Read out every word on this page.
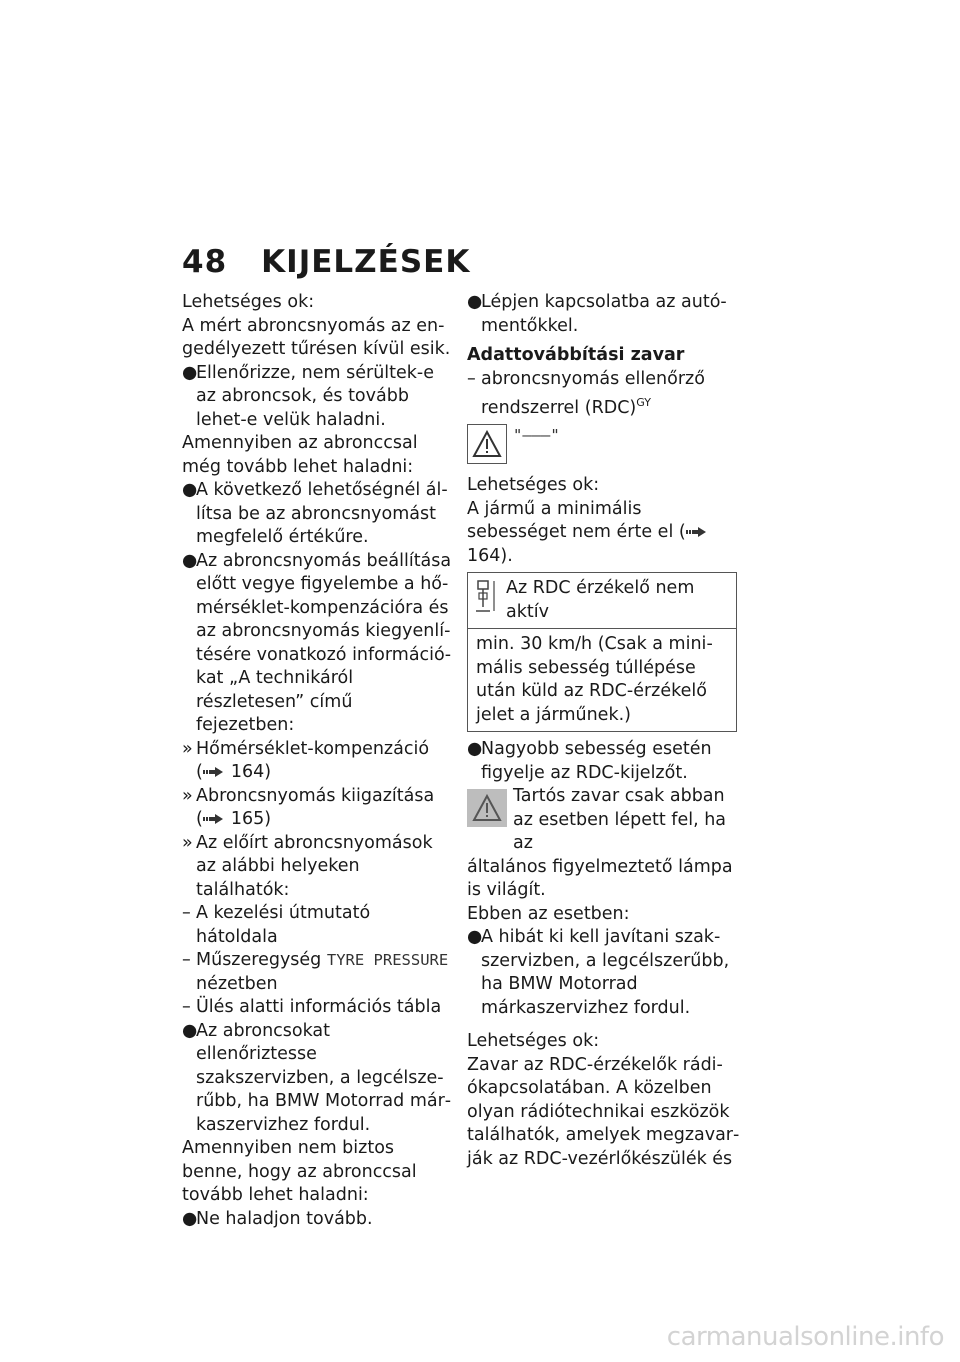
48 KIJELZÉSEK

Lehetséges ok:

A mért abroncsnyomás az engedélyezett tűrésen kívül esik.

●
Ellenőrizze, nem sérültek-e az abroncsok, és tovább lehet-e velük haladni.

Amennyiben az abronccsal még tovább lehet haladni:

●
A következő lehetőségnél állítsa be az abroncsnyomást megfelelő értékűre.

●
Az abroncsnyomás beállítása előtt vegye figyelembe a hőmérséklet-kompenzációra és az abroncsnyomás kiegyenlítésére vonatkozó információkat „A technikáról részletesen” című fejezetben:

» Hőmérséklet-kompenzáció
( 164)

» Abroncsnyomás kiigazítása
( 165)

» Az előírt abroncsnyomások az alábbi helyeken találhatók:

– A kezelési útmutató hátoldala

– Műszeregység TYRE PRESSURE nézetben

– Ülés alatti információs tábla

●
Az abroncsokat ellenőriztesse szakszervizben, a legcélszerűbb, ha BMW Motorrad márkaszervizhez fordul.

Amennyiben nem biztos benne, hogy az abronccsal tovább lehet haladni:

●
Ne haladjon tovább.

●
Lépjen kapcsolatba az autómentőkkel.

Adattovábbítási zavar

– abroncsnyomás ellenőrző rendszerrel (RDC)$^{GY}$

"–––"

Lehetséges ok:

A jármű a minimális sebességet nem érte el (164).

Az RDC érzékelő nem aktív
min. 30 km/h (Csak a minimális sebesség túllépése után küld az RDC-érzékelő jelet a járműnek.)

●
Nagyobb sebesség esetén figyelje az RDC-kijelzőt.

Tartós zavar csak abban az esetben lépett fel, ha az

általános figyelmeztető lámpa is világít.

Ebben az esetben:

●
A hibát ki kell javítani szakszervizben, a legcélszerűbb, ha BMW Motorrad márkaszervizhez fordul.

Lehetséges ok:

Zavar az RDC-érzékelők rádiókapcsolatában. A közelben olyan rádiótechnikai eszközök találhatók, amelyek megzavarják az RDC-vezérlőkészülék és

carmanualsonline.info
